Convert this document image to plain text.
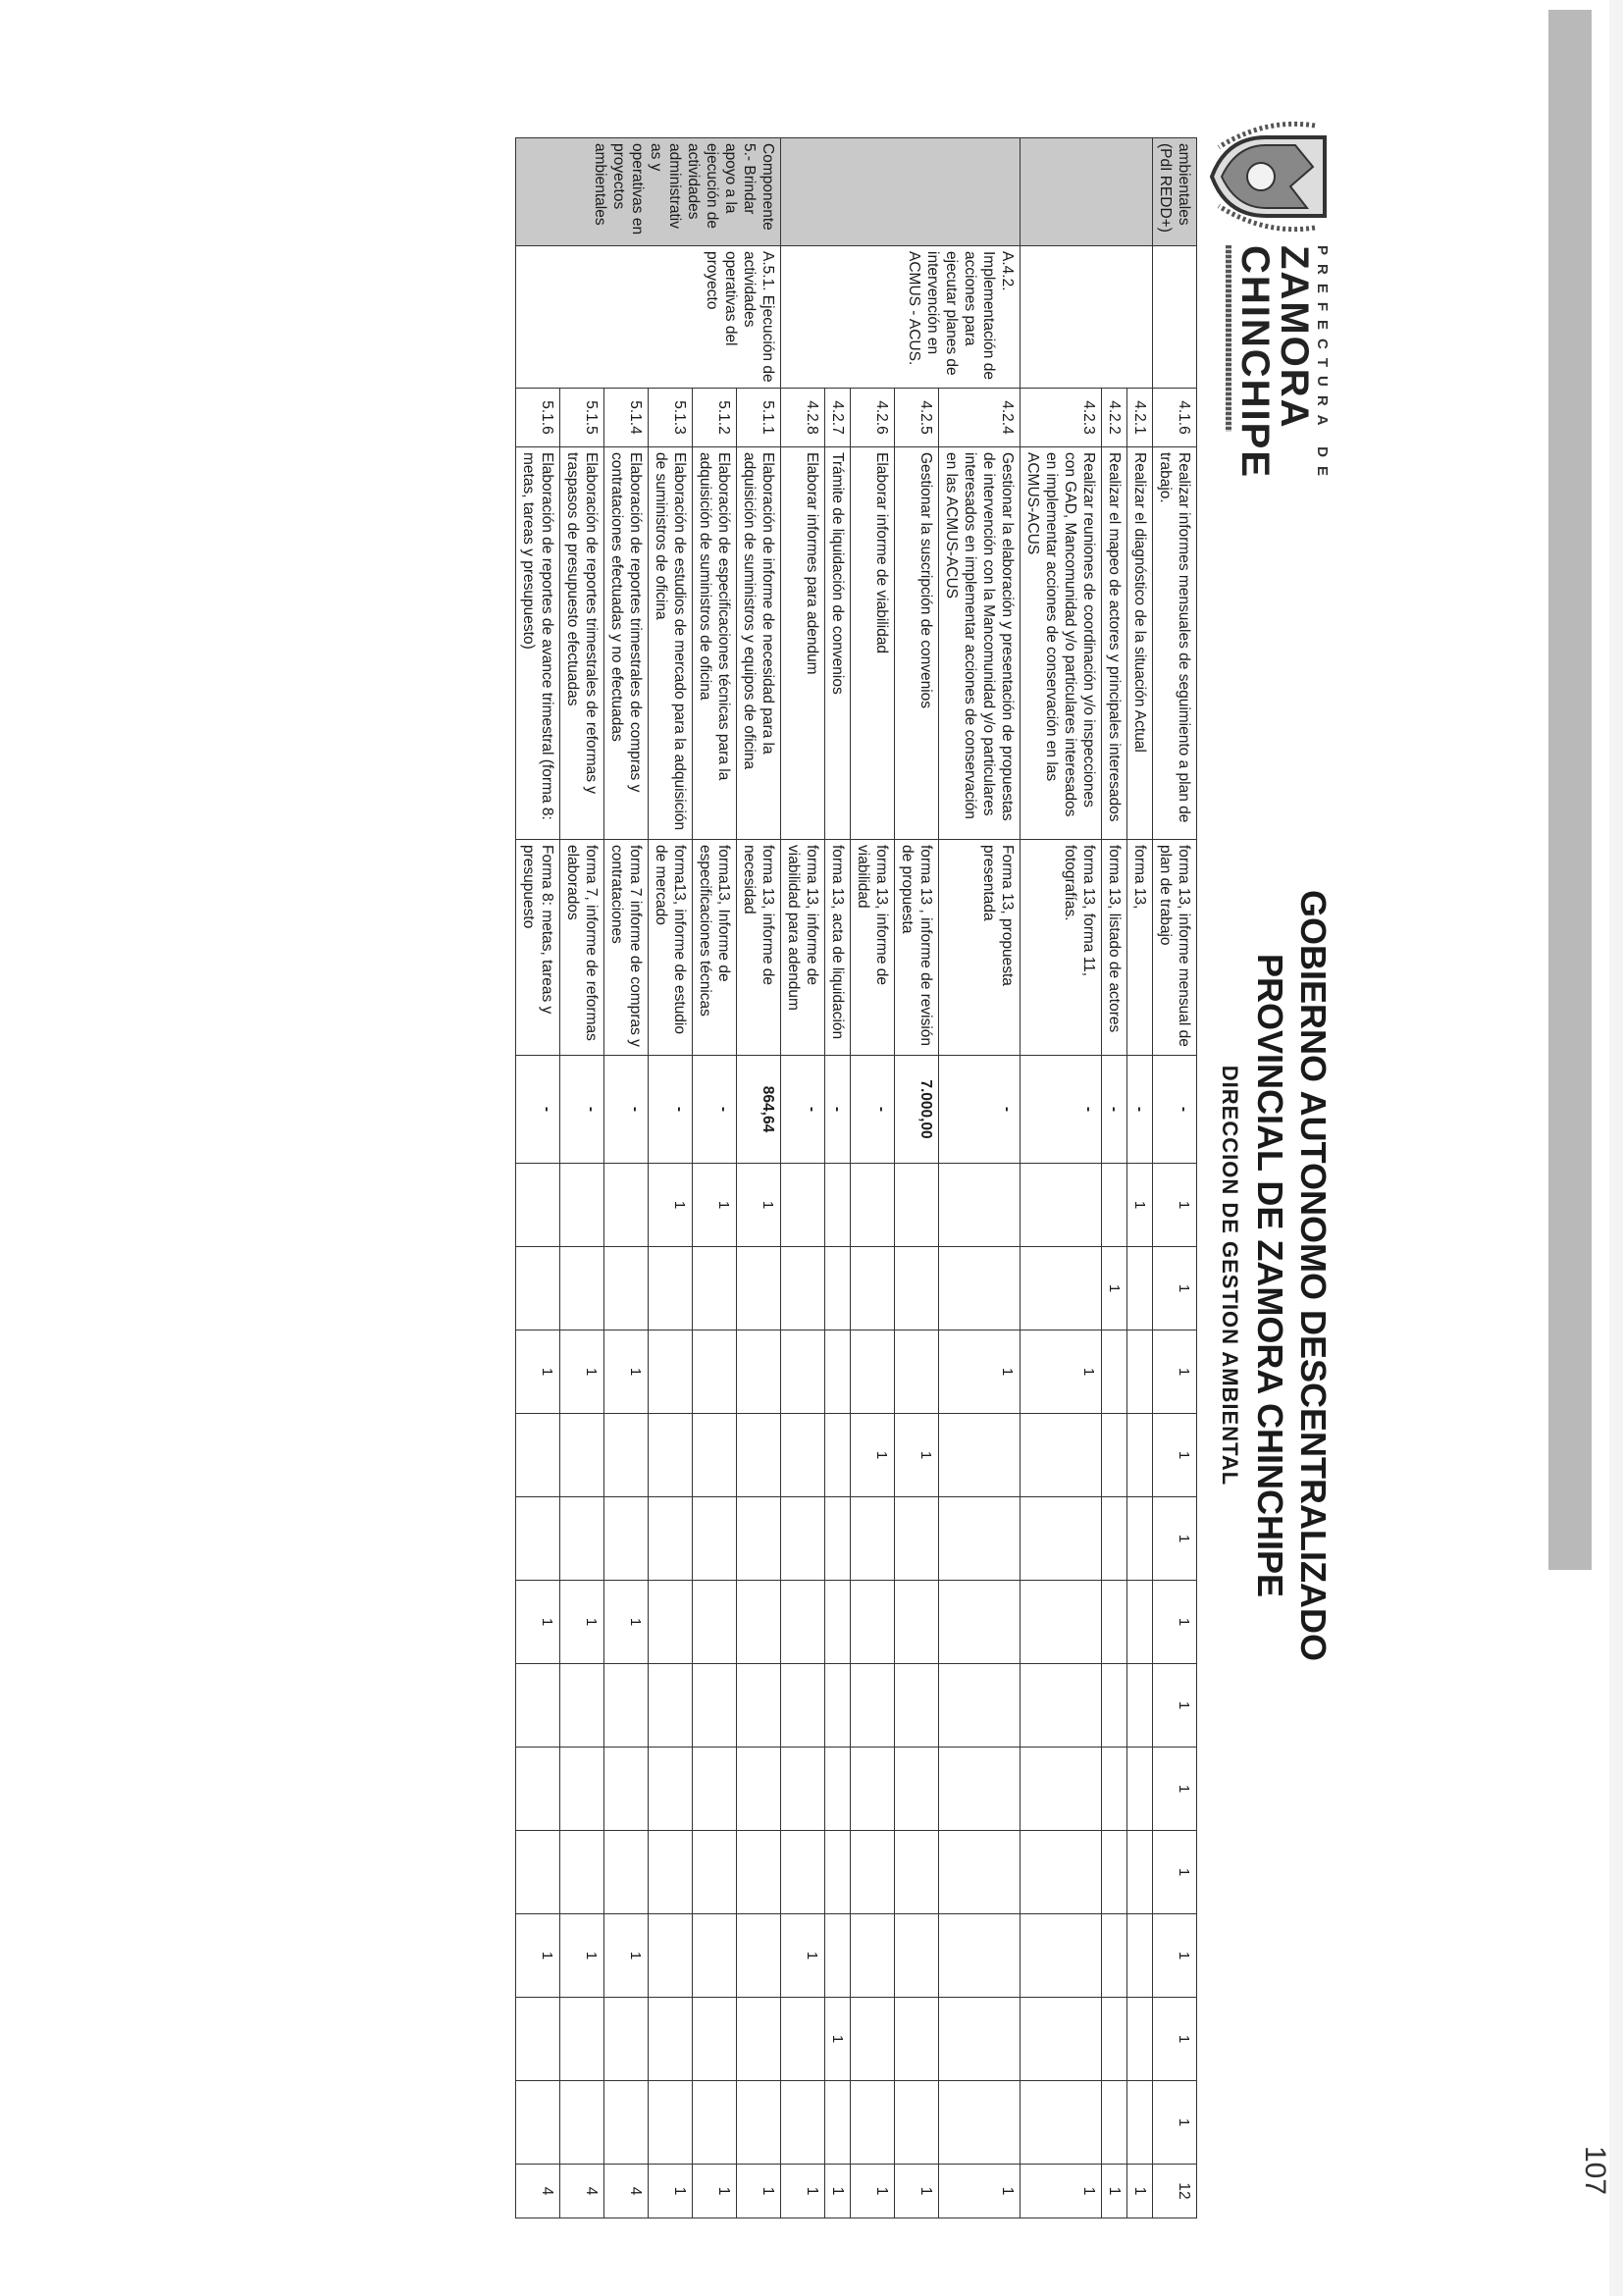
107
PREFECTURA DE
ZAMORA
CHINCHIPE
GOBIERNO AUTONOMO DESCENTRALIZADO
PROVINCIAL DE ZAMORA CHINCHIPE
DIRECCION DE GESTION AMBIENTAL
ambientales (PdI REDD+)		4.1.6	Realizar informes mensuales de seguimiento a plan de trabajo.	forma 13, informe mensual de plan de trabajo	-	1	1	1	1	1	1	1	1	1	1	1	1	12
		4.2.1	Realizar el diagnóstico de la situación Actual	forma 13,	-	1												1
		4.2.2	Realizar el mapeo de actores y principales interesados	forma 13, listado de actores	-		1											1
		4.2.3	Realizar reuniones de coordinación y/o inspecciones con GAD, Mancomunidad y/o particulares interesados en implementar acciones de conservación en las ACMUS-ACUS	forma 13, forma 11, fotografías.	-			1										1
	A.4.2. Implementación de acciones para ejecutar planes de intervención en ACMUS - ACUS.	4.2.4	Gestionar la elaboración y presentación de propuestas de intervención con la Mancomunidad y/o particulares interesados en implementar acciones de conservación en las ACMUS-ACUS	Forma 13, propuesta presentada	-			1										1
		4.2.5	Gestionar la suscripción de convenios	forma 13 , informe de revisión de propuesta	7.000,00				1									1
		4.2.6	Elaborar informe de viabilidad	forma 13, informe de viabilidad	-				1									1
		4.2.7	Trámite de liquidación de convenios	forma 13, acta de liquidación	-											1		1
		4.2.8	Elaborar informes para adendum	forma 13, informe de viabilidad para adendum	-										1			1
Componente 5.- Brindar apoyo a la ejecución de actividades administrativ as y operativas en proyectos ambientales	A.5.1. Ejecución de actividades operativas del proyecto	5.1.1	Elaboración de informe de necesidad para la adquisición de suministros y equipos de oficina	forma 13, informe de necesidad	864,64	1												1
		5.1.2	Elaboración de especificaciones técnicas para la adquisición de suministros de oficina	forma13, Informe de especificaciones técnicas	-	1												1
		5.1.3	Elaboración de estudios de mercado para la adquisición de suministros de oficina	forma13, informe de estudio de mercado	-	1												1
		5.1.4	Elaboración de reportes trimestrales de compras y contrataciones efectuadas y no efectuadas	forma 7 informe de compras y contrataciones	-			1			1				1			4
		5.1.5	Elaboración de reportes trimestrales de reformas y traspasos de presupuesto efectuadas	forma 7, informe de reformas elaborados	-			1			1				1			4
		5.1.6	Elaboración de reportes de avance trimestral (forma 8: metas, tareas y presupuesto)	Forma 8: metas, tareas y presupuesto	-			1			1				1			4
